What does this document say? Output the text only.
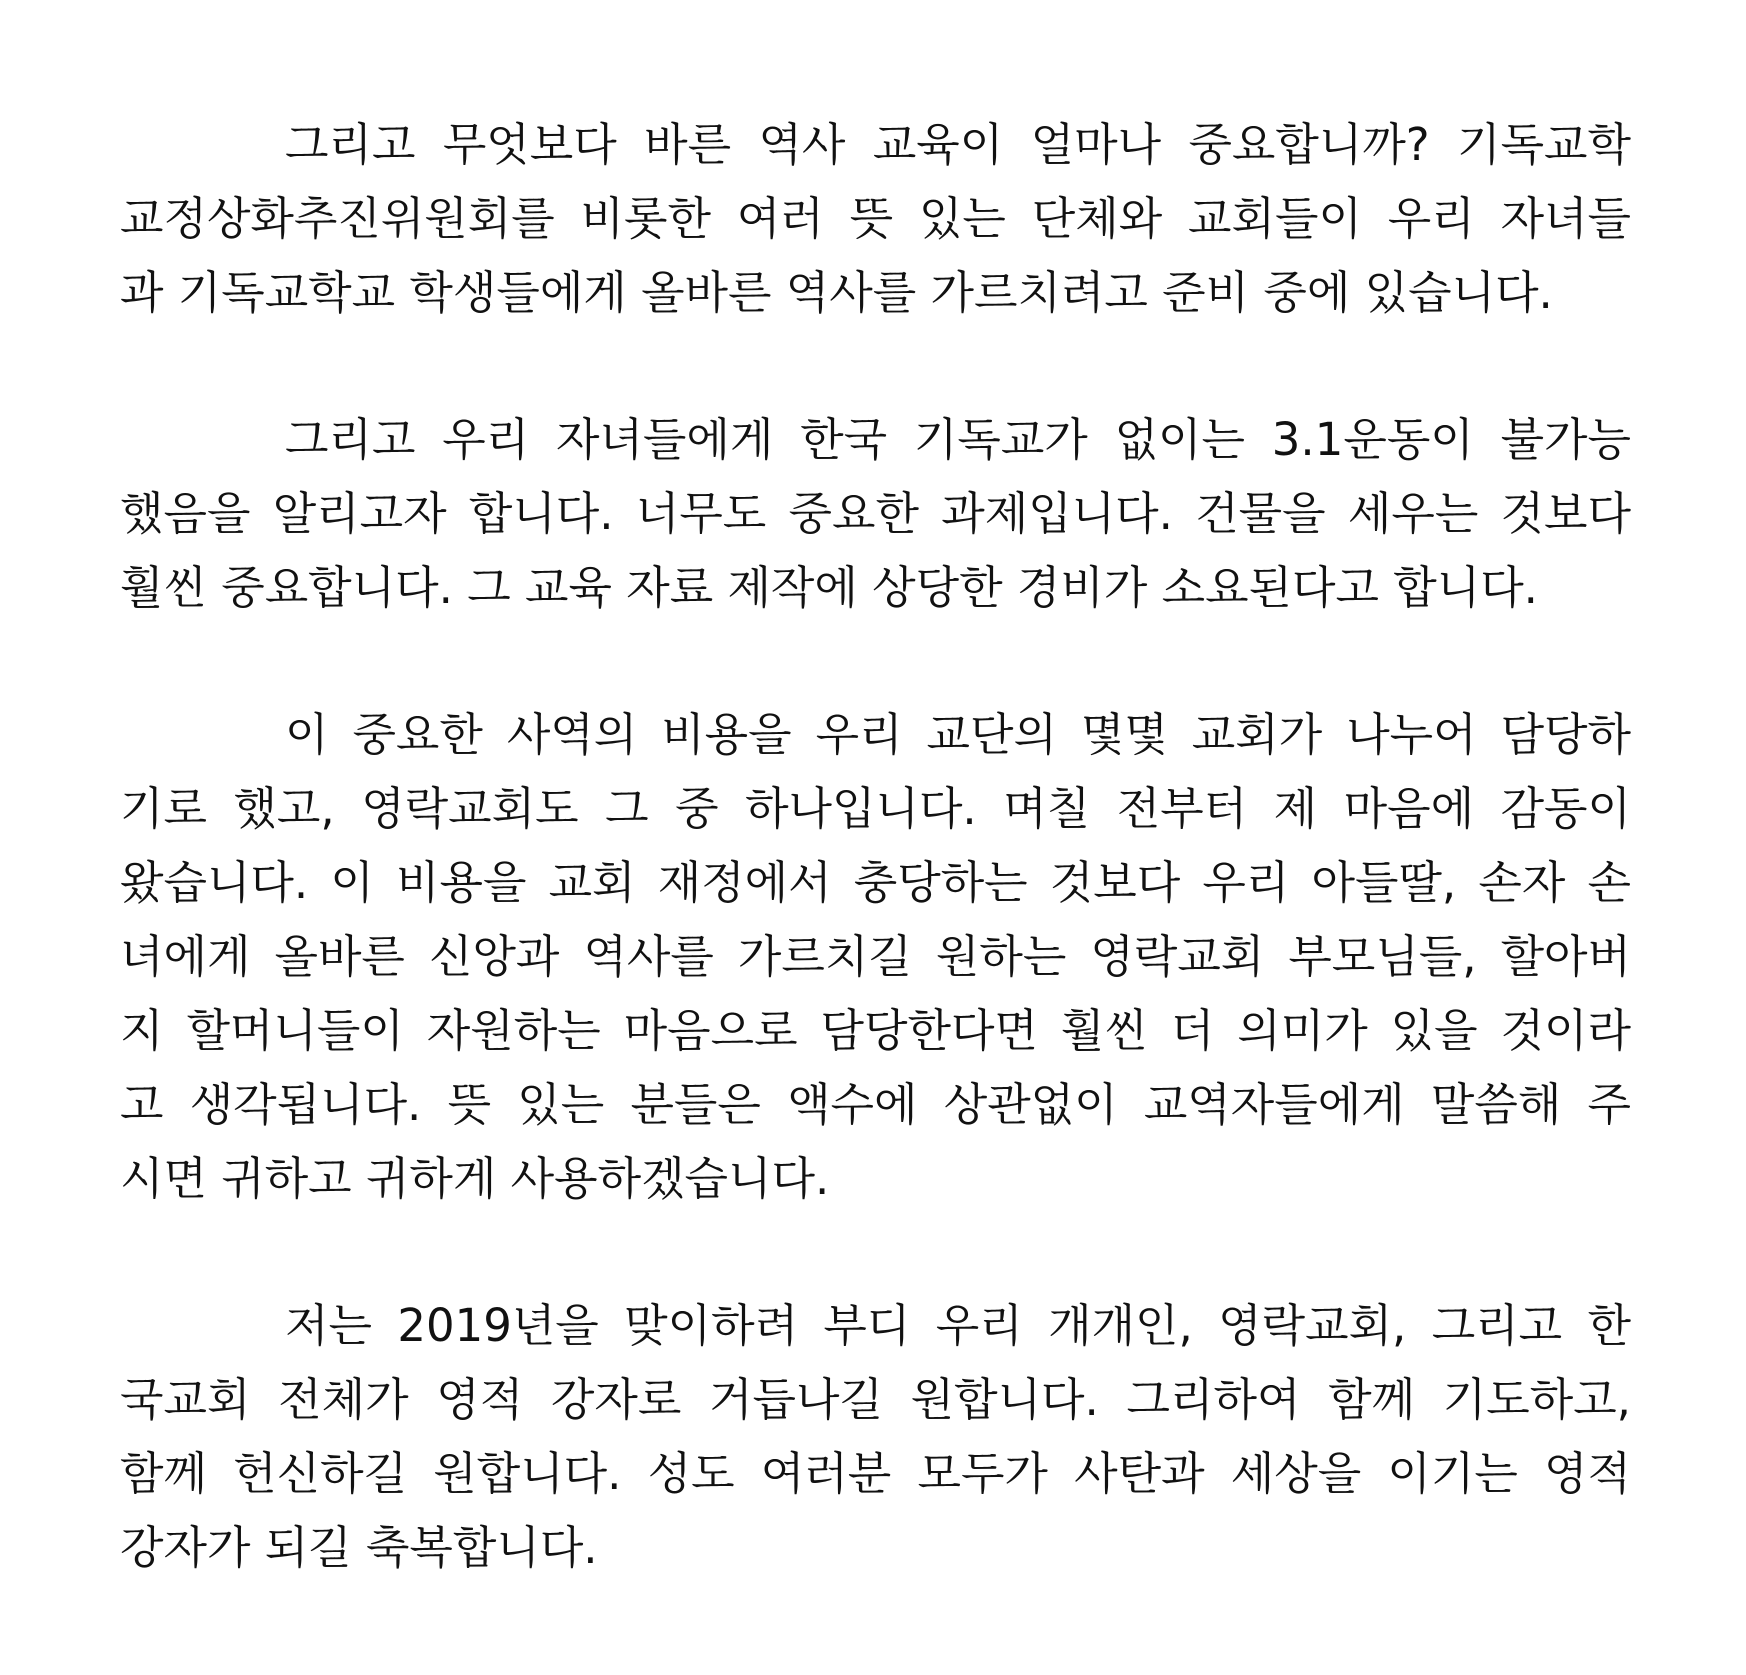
그리고 무엇보다 바른 역사 교육이 얼마나 중요합니까? 기독교학
교정상화추진위원회를 비롯한 여러 뜻 있는 단체와 교회들이 우리 자녀들
과 기독교학교 학생들에게 올바른 역사를 가르치려고 준비 중에 있습니다.
그리고 우리 자녀들에게 한국 기독교가 없이는 3.1운동이 불가능
했음을 알리고자 합니다. 너무도 중요한 과제입니다. 건물을 세우는 것보다
훨씬 중요합니다. 그 교육 자료 제작에 상당한 경비가 소요된다고 합니다.
이 중요한 사역의 비용을 우리 교단의 몇몇 교회가 나누어 담당하
기로 했고, 영락교회도 그 중 하나입니다. 며칠 전부터 제 마음에 감동이
왔습니다. 이 비용을 교회 재정에서 충당하는 것보다 우리 아들딸, 손자 손
녀에게 올바른 신앙과 역사를 가르치길 원하는 영락교회 부모님들, 할아버
지 할머니들이 자원하는 마음으로 담당한다면 훨씬 더 의미가 있을 것이라
고 생각됩니다. 뜻 있는 분들은 액수에 상관없이 교역자들에게 말씀해 주
시면 귀하고 귀하게 사용하겠습니다.
저는 2019년을 맞이하려 부디 우리 개개인, 영락교회, 그리고 한
국교회 전체가 영적 강자로 거듭나길 원합니다. 그리하여 함께 기도하고,
함께 헌신하길 원합니다. 성도 여러분 모두가 사탄과 세상을 이기는 영적
강자가 되길 축복합니다.
